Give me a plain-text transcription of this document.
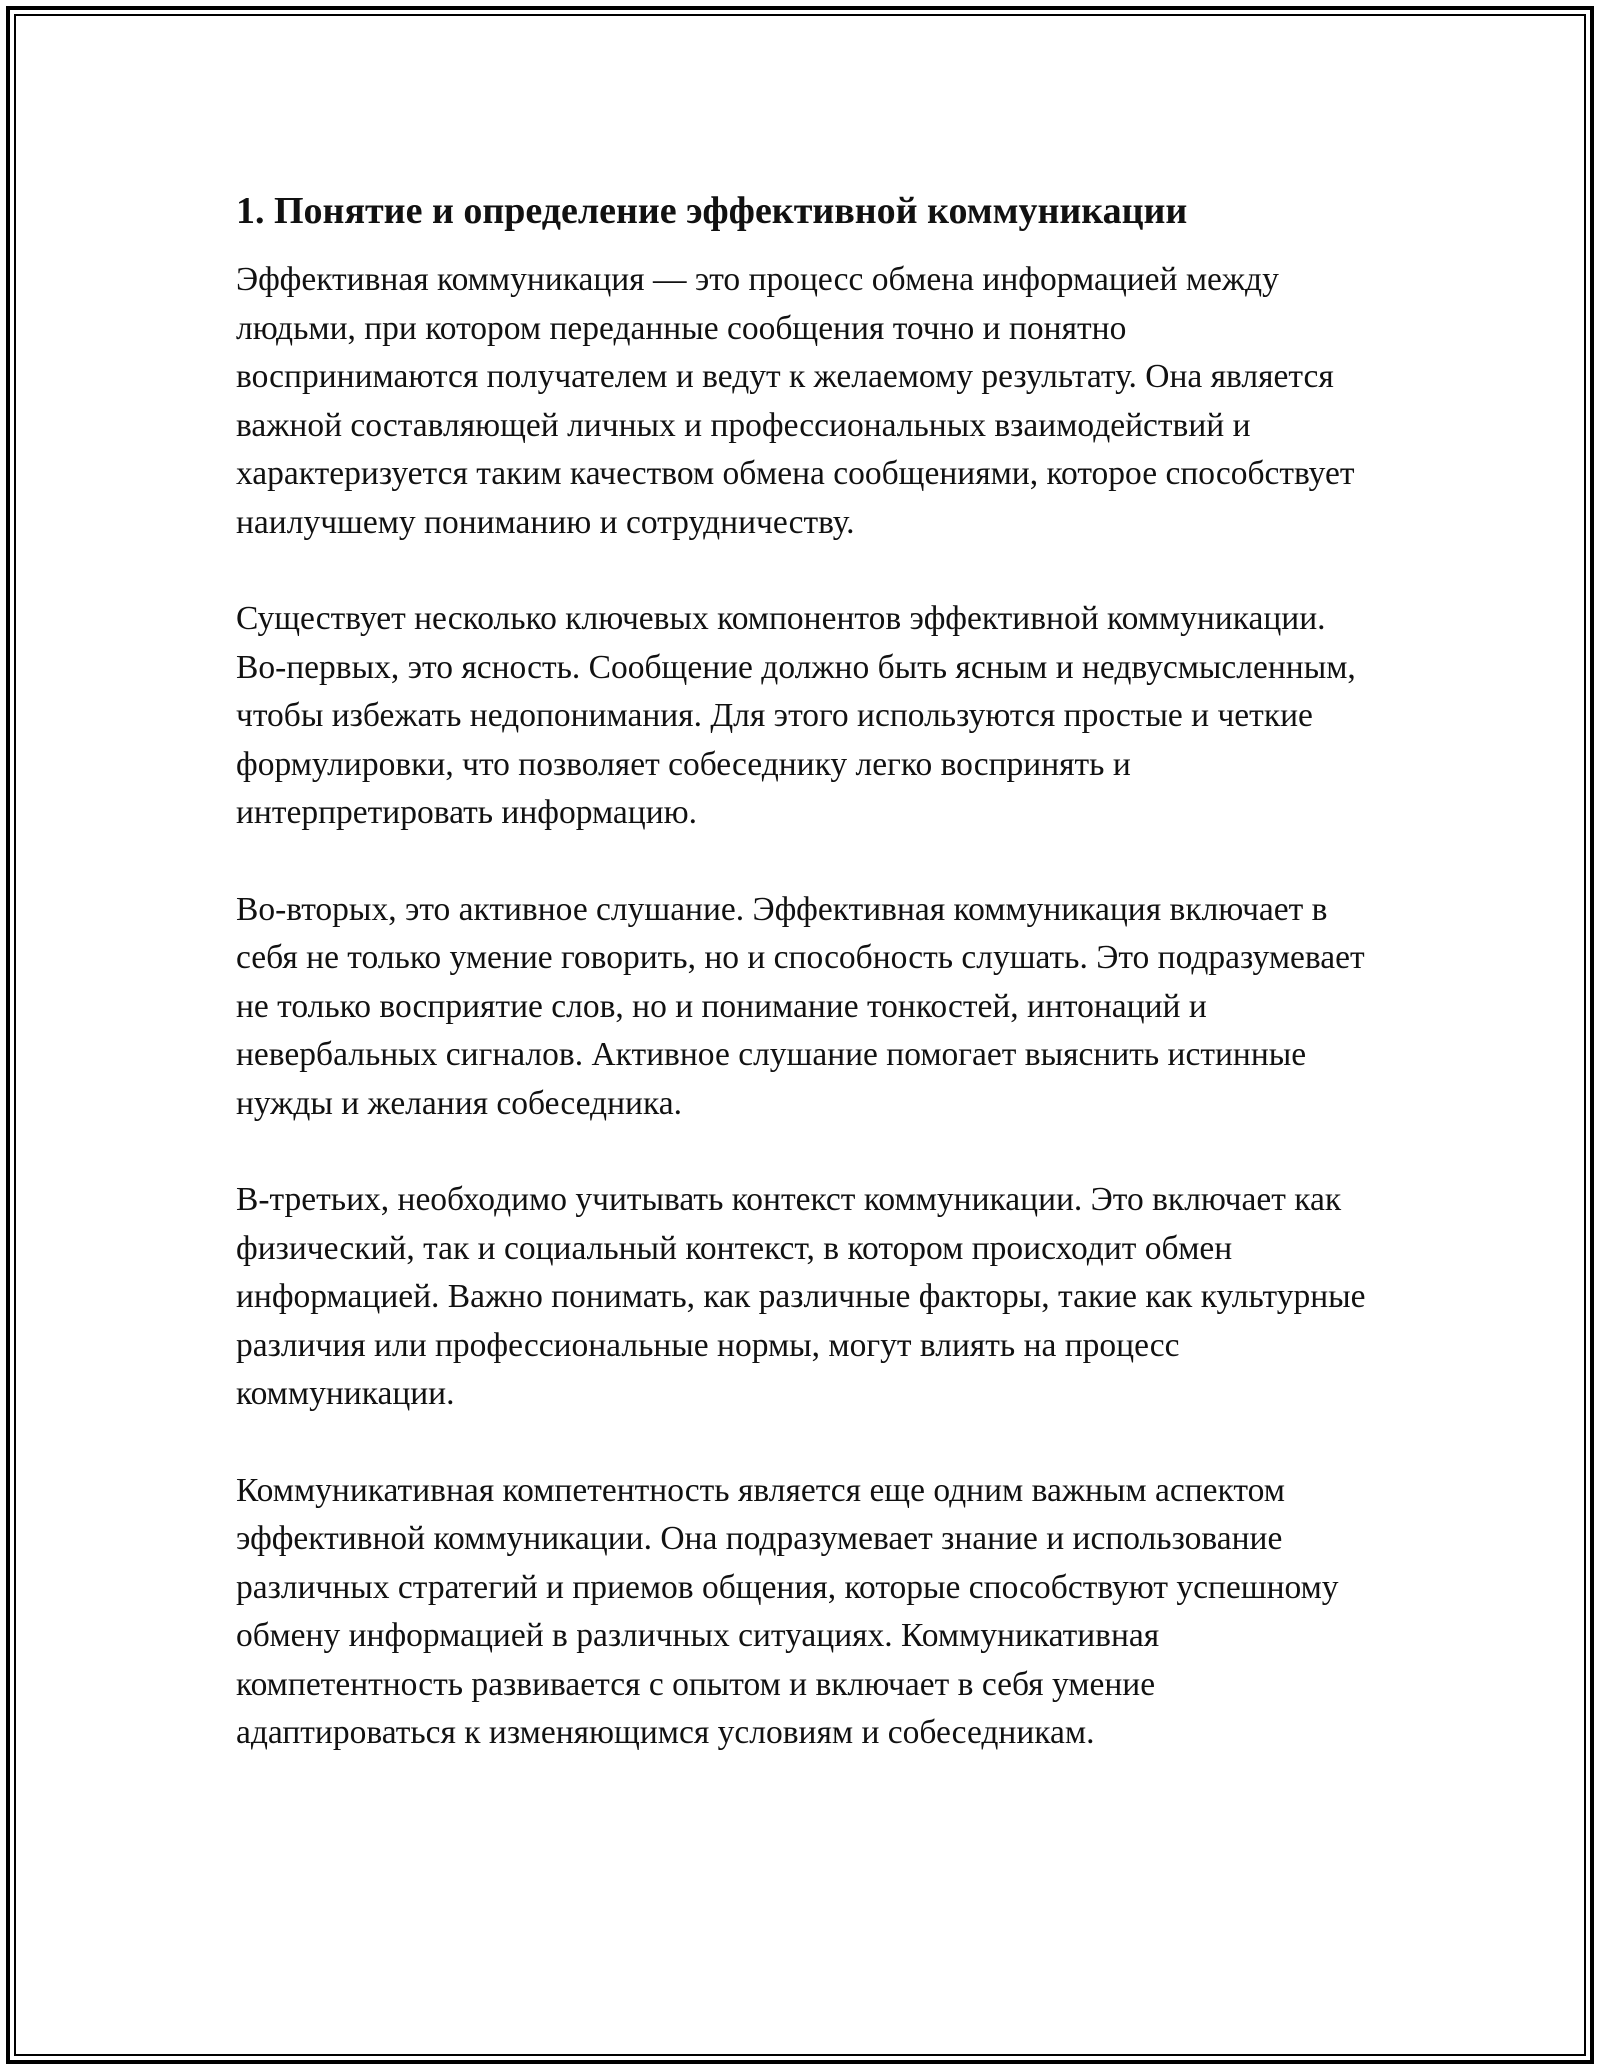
1. Понятие и определение эффективной коммуникации

Эффективная коммуникация — это процесс обмена информацией между людьми, при котором переданные сообщения точно и понятно воспринимаются получателем и ведут к желаемому результату. Она является важной составляющей личных и профессиональных взаимодействий и характеризуется таким качеством обмена сообщениями, которое способствует наилучшему пониманию и сотрудничеству.

Существует несколько ключевых компонентов эффективной коммуникации. Во-первых, это ясность. Сообщение должно быть ясным и недвусмысленным, чтобы избежать недопонимания. Для этого используются простые и четкие формулировки, что позволяет собеседнику легко воспринять и интерпретировать информацию.

Во-вторых, это активное слушание. Эффективная коммуникация включает в себя не только умение говорить, но и способность слушать. Это подразумевает не только восприятие слов, но и понимание тонкостей, интонаций и невербальных сигналов. Активное слушание помогает выяснить истинные нужды и желания собеседника.

В-третьих, необходимо учитывать контекст коммуникации. Это включает как физический, так и социальный контекст, в котором происходит обмен информацией. Важно понимать, как различные факторы, такие как культурные различия или профессиональные нормы, могут влиять на процесс коммуникации.

Коммуникативная компетентность является еще одним важным аспектом эффективной коммуникации. Она подразумевает знание и использование различных стратегий и приемов общения, которые способствуют успешному обмену информацией в различных ситуациях. Коммуникативная компетентность развивается с опытом и включает в себя умение адаптироваться к изменяющимся условиям и собеседникам.
